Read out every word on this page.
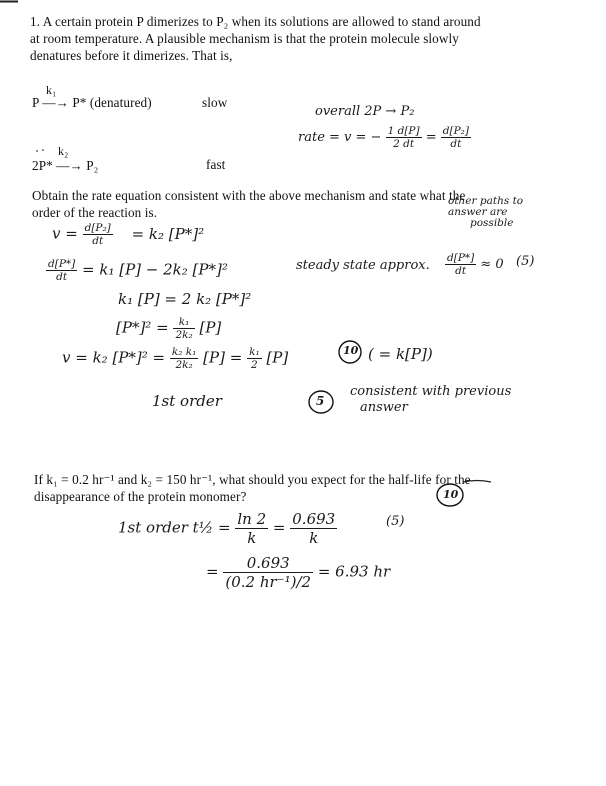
1. A certain protein P dimerizes to P₂ when its solutions are allowed to stand around
at room temperature. A plausible mechanism is that the protein molecule slowly
denatures before it dimerizes. That is,
k₁
P —→ P* (denatured)	slow
k₂
2P* —→ P₂	fast
Obtain the rate equation consistent with the above mechanism and state what the
order of the reaction is.
If k₁ = 0.2 hr⁻¹ and k₂ = 150 hr⁻¹, what should you expect for the half-life for the
disappearance of the protein monomer?
overall 2P → P₂
rate = v = − $\frac{1 d[P]}{2 dt} = \frac{\text{d[P₂]}}{dt}$
other paths to
answer are
possible
$v = \frac{\text{d[P₂]}}{dt} = k_2$ [P*]²
$\frac{d[P*]}{dt} = k_1$ [P] − 2k₂ [P*]²	steady state approx. $\frac{d[P*]}{dt} \approx 0$ (5)
k₁ [P] = 2 k₂ [P*]²
$[P*]^2 = \frac{\text{k₁}}{\text{2k₂}} [P]$
v = k₂ $[P*]^2 = \frac{\text{k₂ k₁}}{\text{2k₂}} [P] = \frac{\text{k₁}}{2} [P]$	10 ( = k[P])
1st order	5
consistent with previous
answer
10
1st order t½ = $\frac{\ln 2}{k} = \frac{0.693}{k}$	(5)
= $\frac{0.693}{\text{(0.2 hr⁻¹)/2}} = 6.93$ hr
